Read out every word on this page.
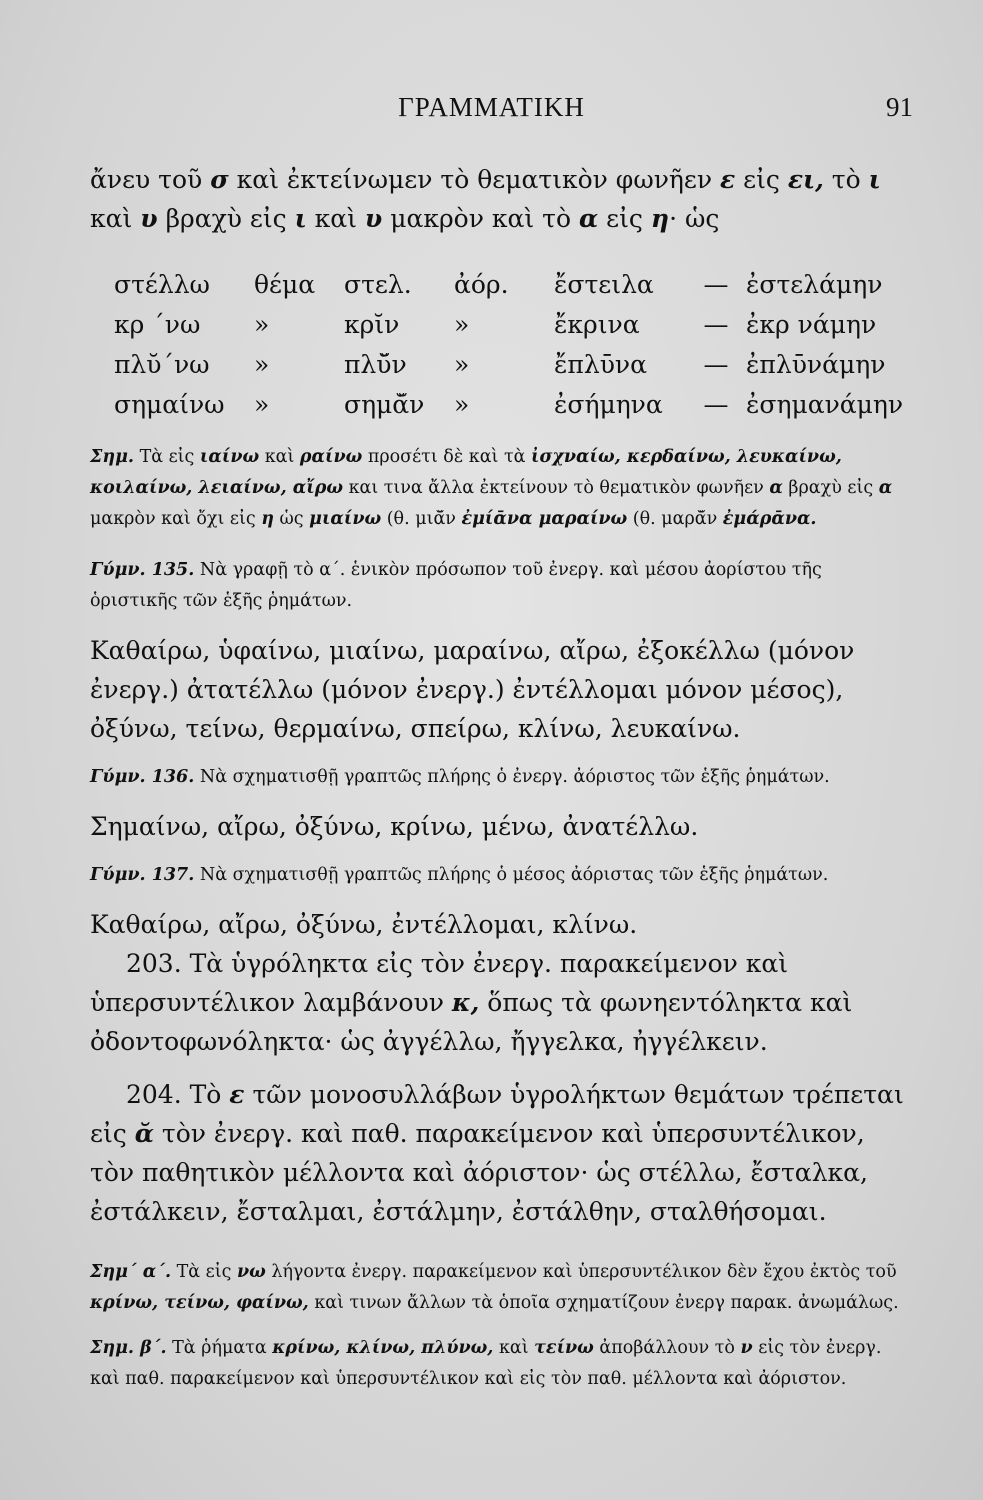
ΓΡΑΜΜΑΤΙΚΗ	91

ἄνευ τοῦ σ καὶ ἐκτείνωμεν τὸ θεματικὸν φωνῆεν ε εἰς ει, τὸ ι καὶ υ βραχὺ εἰς ι καὶ υ μακρὸν καὶ τὸ α εἰς η· ὡς

στέλλω	θέμα	στελ.	ἀόρ.	ἔστειλα	—	ἐστελάμην
κρ ΄νω	»	κρῐν	»	ἔκρινα	—	ἐκρ νάμην
πλῠ΄νω	»	πλῠ̆ν	»	ἔπλῡνα	—	ἐπλῡνάμην
σημαίνω	»	σημᾰ̆ν	»	ἐσήμηνα	—	ἐσημανάμην

Σημ. Τὰ εἰς ιαίνω καὶ ραίνω προσέτι δὲ καὶ τὰ ἰσχναίω, κερδαίνω, λευκαίνω, κοιλαίνω, λειαίνω, αἴρω και τινα ἄλλα ἐκτείνουν τὸ θεματικὸν φωνῆεν α βραχὺ εἰς α μακρὸν καὶ ὄχι εἰς η ὡς μιαίνω (θ. μιᾰ̆ν ἐμίᾱνα μαραίνω (θ. μαρᾰ̆ν ἐμάρᾱνα.

Γύμν. 135. Νὰ γραφῇ τὸ α΄. ἑνικὸν πρόσωπον τοῦ ἐνεργ. καὶ μέσου ἀορίστου τῆς ὁριστικῆς τῶν ἑξῆς ῥημάτων.

Καθαίρω, ὑφαίνω, μιαίνω, μαραίνω, αἴρω, ἐξοκέλλω (μόνον ἐνεργ.) ἀτατέλλω (μόνον ἐνεργ.) ἐντέλλομαι μόνον μέσος), ὀξύνω, τείνω, θερμαίνω, σπείρω, κλίνω, λευκαίνω.

Γύμν. 136. Νὰ σχηματισθῇ γραπτῶς πλήρης ὁ ἐνεργ. ἀόριστος τῶν ἑξῆς ῥημάτων.

Σημαίνω, αἴρω, ὀξύνω, κρίνω, μένω, ἀνατέλλω.

Γύμν. 137. Νὰ σχηματισθῇ γραπτῶς πλήρης ὁ μέσος ἀόριστας τῶν ἑξῆς ῥημάτων.

Καθαίρω, αἴρω, ὀξύνω, ἐντέλλομαι, κλίνω.

203. Τὰ ὑγρόληκτα εἰς τὸν ἐνεργ. παρακείμενον καὶ ὑπερσυντέλικον λαμβάνουν κ, ὅπως τὰ φωνηεντόληκτα καὶ ὀδοντοφωνόληκτα· ὡς ἀγγέλλω, ἤγγελκα, ἠγγέλκειν.

204. Τὸ ε τῶν μονοσυλλάβων ὑγρολήκτων θεμάτων τρέπεται εἰς ᾰ τὸν ἐνεργ. καὶ παθ. παρακείμενον καὶ ὑπερσυντέλικον, τὸν παθητικὸν μέλλοντα καὶ ἀόριστον· ὡς στέλλω, ἔσταλκα, ἐστάλκειν, ἔσταλμαι, ἐστάλμην, ἐστάλθην, σταλθήσομαι.

Σημ΄ α΄. Τὰ εἰς νω λήγοντα ἐνεργ. παρακείμενον καὶ ὑπερσυντέλικον δὲν ἔχου ἐκτὸς τοῦ κρίνω, τείνω, φαίνω, καὶ τινων ἄλλων τὰ ὁποῖα σχηματίζουν ἐνεργ παρακ. ἀνωμάλως.

Σημ. β΄. Τὰ ῥήματα κρίνω, κλίνω, πλύνω, καὶ τείνω ἀποβάλλουν τὸ ν εἰς τὸν ἐνεργ. καὶ παθ. παρακείμενον καὶ ὑπερσυντέλικον καὶ εἰς τὸν παθ. μέλλοντα καὶ ἀόριστον.
